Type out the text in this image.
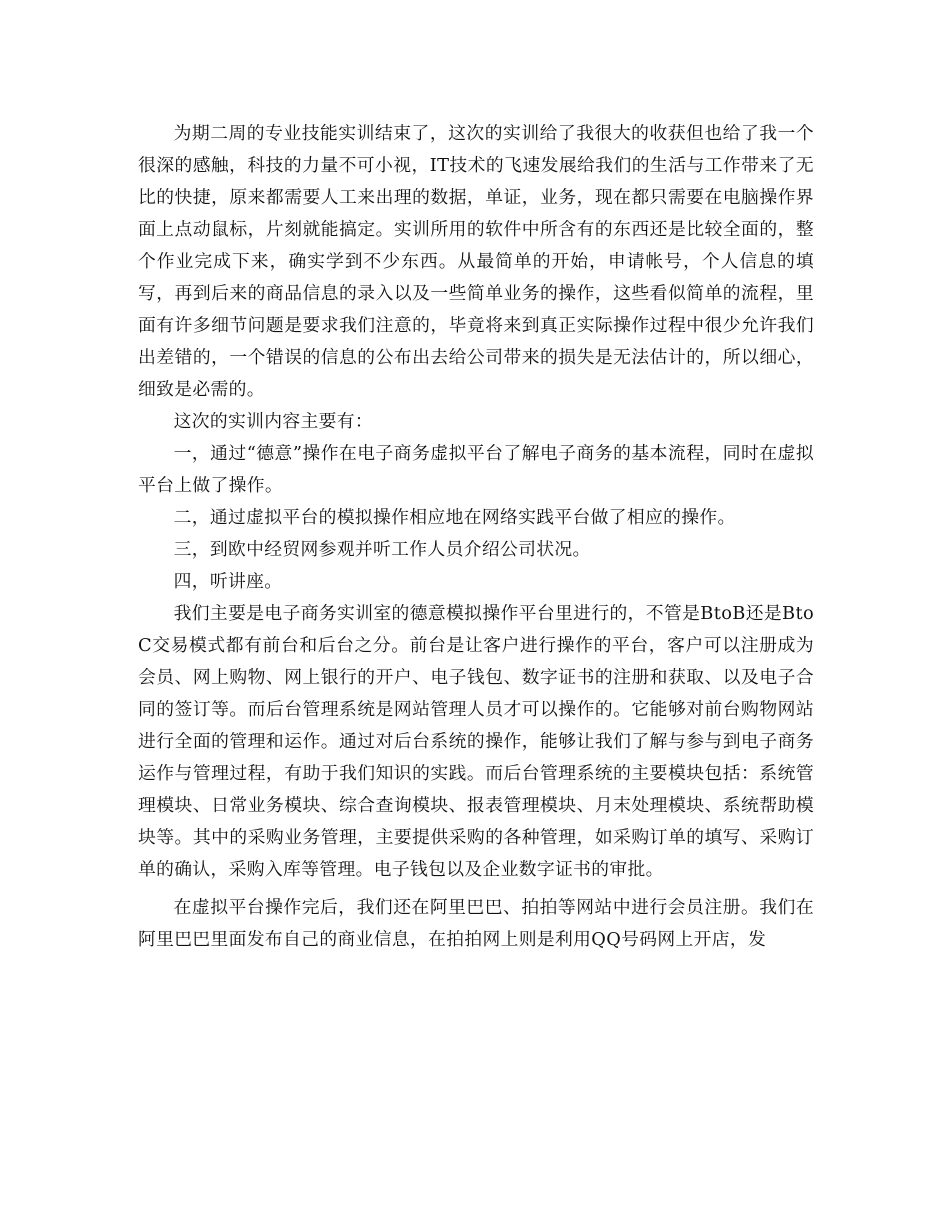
为期二周的专业技能实训结束了，这次的实训给了我很大的收获但也给了我一个很深的感触，科技的力量不可小视，IT技术的飞速发展给我们的生活与工作带来了无比的快捷，原来都需要人工来出理的数据，单证，业务，现在都只需要在电脑操作界面上点动鼠标，片刻就能搞定。实训所用的软件中所含有的东西还是比较全面的，整个作业完成下来，确实学到不少东西。从最简单的开始，申请帐号，个人信息的填写，再到后来的商品信息的录入以及一些简单业务的操作，这些看似简单的流程，里面有许多细节问题是要求我们注意的，毕竟将来到真正实际操作过程中很少允许我们出差错的，一个错误的信息的公布出去给公司带来的损失是无法估计的，所以细心，细致是必需的。

这次的实训内容主要有：

一，通过“德意”操作在电子商务虚拟平台了解电子商务的基本流程，同时在虚拟平台上做了操作。

二，通过虚拟平台的模拟操作相应地在网络实践平台做了相应的操作。

三，到欧中经贸网参观并听工作人员介绍公司状况。

四，听讲座。

我们主要是电子商务实训室的德意模拟操作平台里进行的，不管是BtoB还是BtoC交易模式都有前台和后台之分。前台是让客户进行操作的平台，客户可以注册成为会员、网上购物、网上银行的开户、电子钱包、数字证书的注册和获取、以及电子合同的签订等。而后台管理系统是网站管理人员才可以操作的。它能够对前台购物网站进行全面的管理和运作。通过对后台系统的操作，能够让我们了解与参与到电子商务运作与管理过程，有助于我们知识的实践。而后台管理系统的主要模块包括：系统管理模块、日常业务模块、综合查询模块、报表管理模块、月末处理模块、系统帮助模块等。其中的采购业务管理，主要提供采购的各种管理，如采购订单的填写、采购订单的确认，采购入库等管理。电子钱包以及企业数字证书的审批。

在虚拟平台操作完后，我们还在阿里巴巴、拍拍等网站中进行会员注册。我们在阿里巴巴里面发布自己的商业信息，在拍拍网上则是利用QQ号码网上开店，发
